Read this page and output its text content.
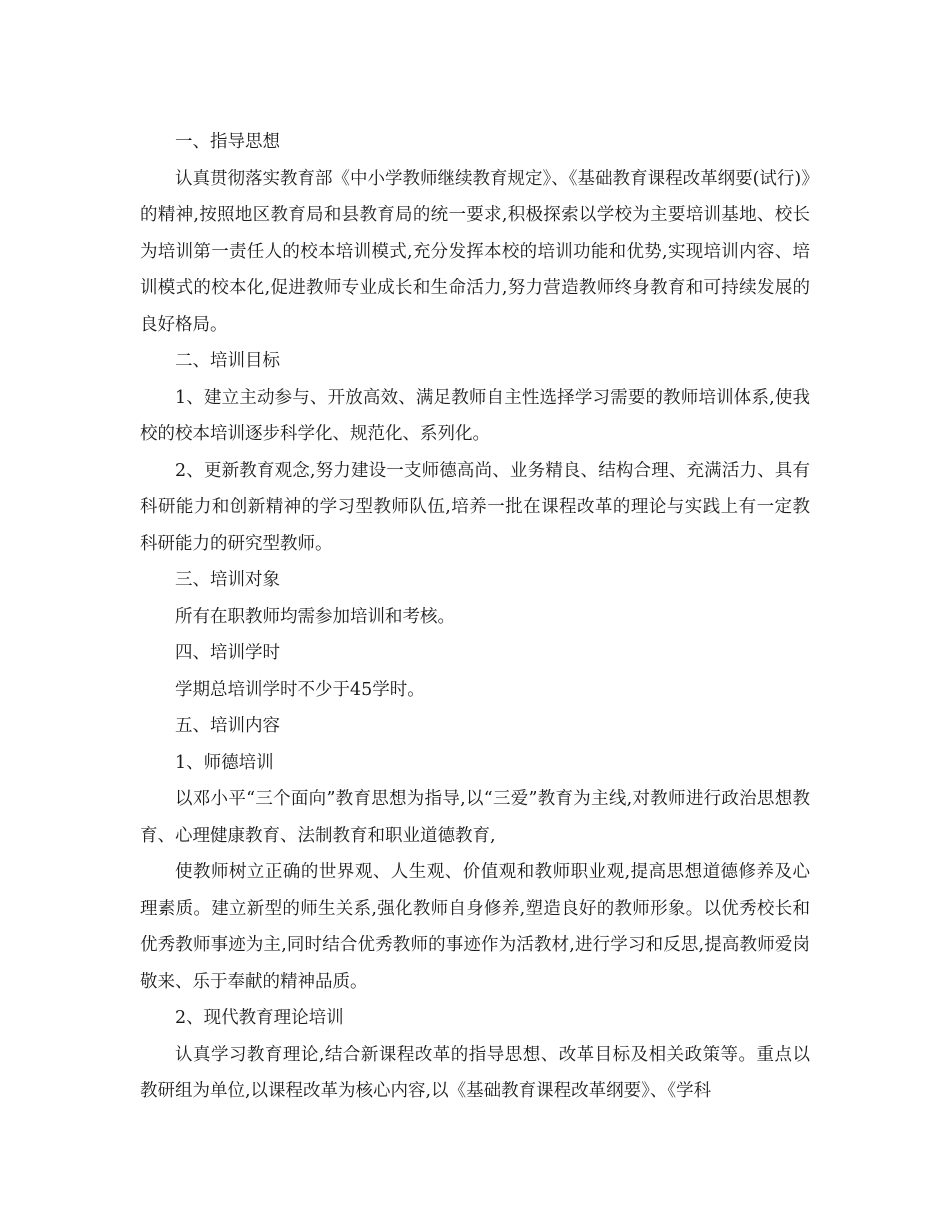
一、指导思想

认真贯彻落实教育部《中小学教师继续教育规定》、《基础教育课程改革纲要(试行)》的精神,按照地区教育局和县教育局的统一要求,积极探索以学校为主要培训基地、校长为培训第一责任人的校本培训模式,充分发挥本校的培训功能和优势,实现培训内容、培训模式的校本化,促进教师专业成长和生命活力,努力营造教师终身教育和可持续发展的良好格局。

二、培训目标

1、建立主动参与、开放高效、满足教师自主性选择学习需要的教师培训体系,使我校的校本培训逐步科学化、规范化、系列化。

2、更新教育观念,努力建设一支师德高尚、业务精良、结构合理、充满活力、具有科研能力和创新精神的学习型教师队伍,培养一批在课程改革的理论与实践上有一定教科研能力的研究型教师。

三、培训对象

所有在职教师均需参加培训和考核。

四、培训学时

学期总培训学时不少于45学时。

五、培训内容

1、师德培训

以邓小平“三个面向”教育思想为指导,以“三爱”教育为主线,对教师进行政治思想教育、心理健康教育、法制教育和职业道德教育,

使教师树立正确的世界观、人生观、价值观和教师职业观,提高思想道德修养及心理素质。建立新型的师生关系,强化教师自身修养,塑造良好的教师形象。以优秀校长和优秀教师事迹为主,同时结合优秀教师的事迹作为活教材,进行学习和反思,提高教师爱岗敬来、乐于奉献的精神品质。

2、现代教育理论培训

认真学习教育理论,结合新课程改革的指导思想、改革目标及相关政策等。重点以教研组为单位,以课程改革为核心内容,以《基础教育课程改革纲要》、《学科
